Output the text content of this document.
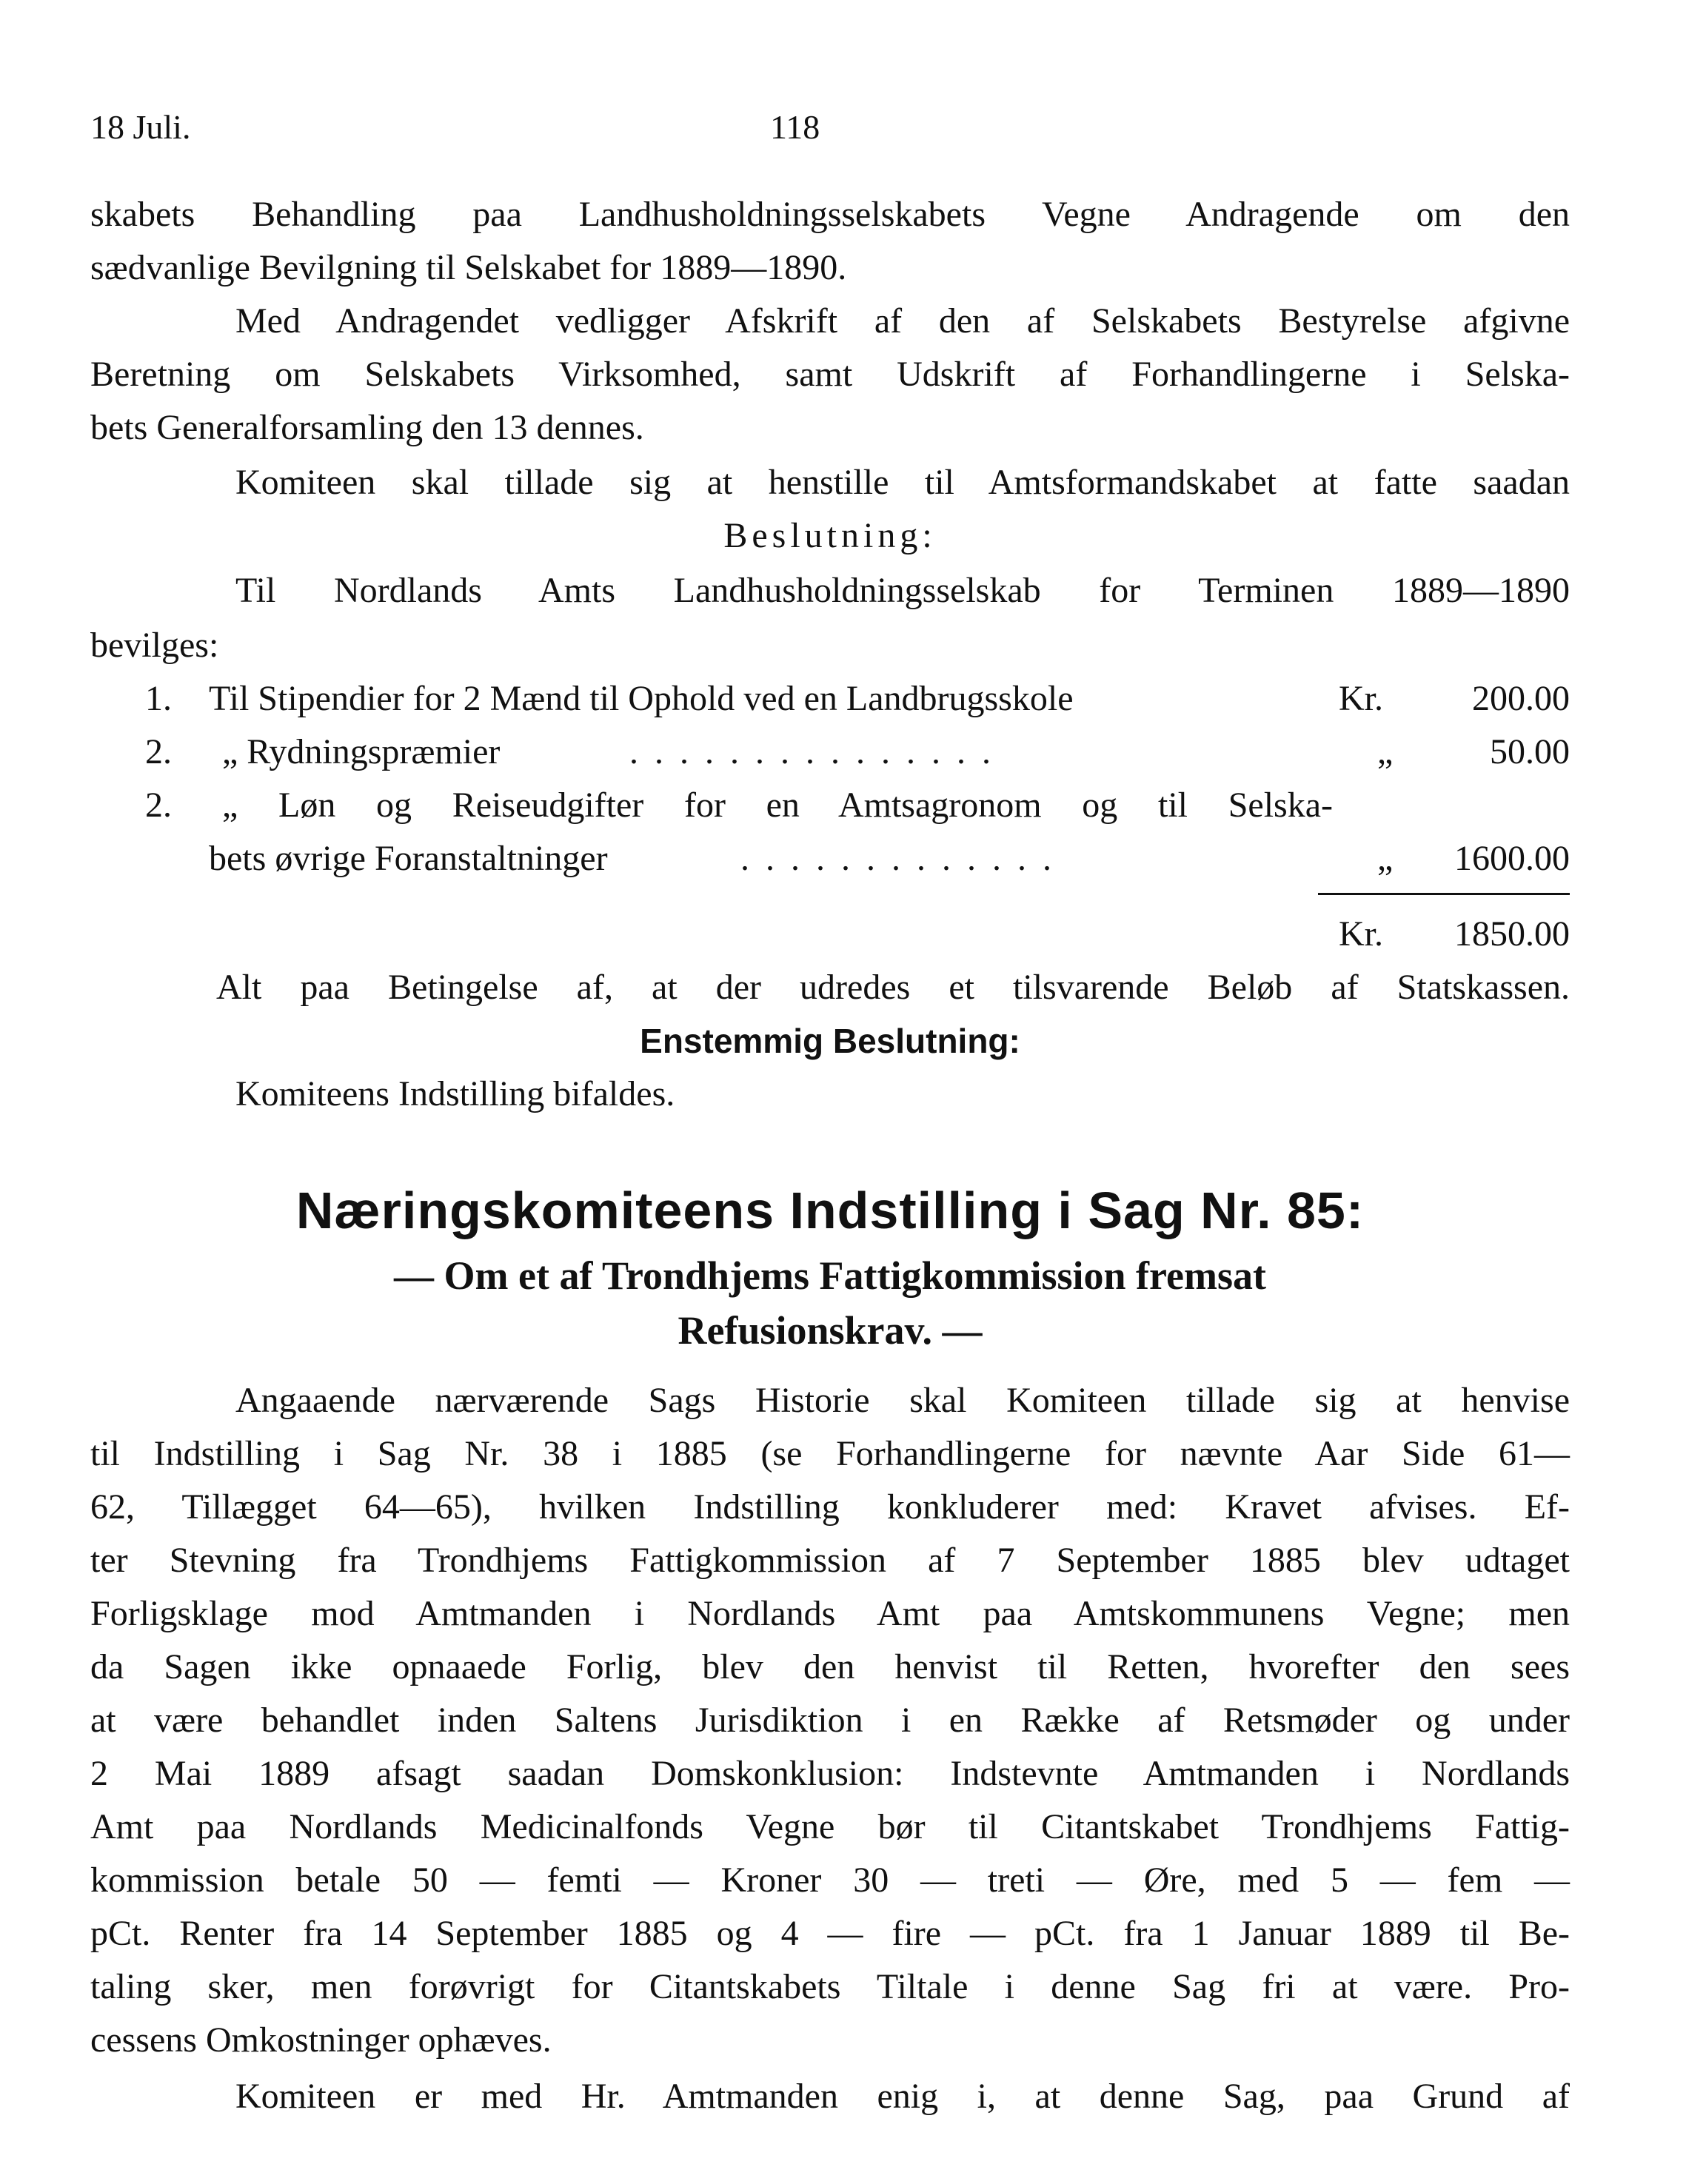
18 Juli.	118
skabets Behandling paa Landhusholdningsselskabets Vegne Andragende om den
sædvanlige Bevilgning til Selskabet for 1889—1890.
Med Andragendet vedligger Afskrift af den af Selskabets Bestyrelse afgivne
Beretning om Selskabets Virksomhed, samt Udskrift af Forhandlingerne i Selska-
bets Generalforsamling den 13 dennes.
Komiteen skal tillade sig at henstille til Amtsformandskabet at fatte saadan
Beslutning:
Til Nordlands Amts Landhusholdningsselskab for Terminen 1889—1890
bevilges:
1. Til Stipendier for 2 Mænd til Ophold ved en Landbrugsskole	Kr.	200.00
2. „ Rydningspræmier	...............	„	50.00
2. „ Løn og Reiseudgifter for en Amtsagronom og til Selska-
bets øvrige Foranstaltninger	.............	„	1600.00
Kr.	1850.00
Alt paa Betingelse af, at der udredes et tilsvarende Beløb af Statskassen.
Enstemmig Beslutning:
Komiteens Indstilling bifaldes.
Næringskomiteens Indstilling i Sag Nr. 85:
— Om et af Trondhjems Fattigkommission fremsat
Refusionskrav. —
Angaaende nærværende Sags Historie skal Komiteen tillade sig at henvise
til Indstilling i Sag Nr. 38 i 1885 (se Forhandlingerne for nævnte Aar Side 61—
62, Tillægget 64—65), hvilken Indstilling konkluderer med: Kravet afvises. Ef-
ter Stevning fra Trondhjems Fattigkommission af 7 September 1885 blev udtaget
Forligsklage mod Amtmanden i Nordlands Amt paa Amtskommunens Vegne; men
da Sagen ikke opnaaede Forlig, blev den henvist til Retten, hvorefter den sees
at være behandlet inden Saltens Jurisdiktion i en Række af Retsmøder og under
2 Mai 1889 afsagt saadan Domskonklusion: Indstevnte Amtmanden i Nordlands
Amt paa Nordlands Medicinalfonds Vegne bør til Citantskabet Trondhjems Fattig-
kommission betale 50 — femti — Kroner 30 — treti — Øre, med 5 — fem —
pCt. Renter fra 14 September 1885 og 4 — fire — pCt. fra 1 Januar 1889 til Be-
taling sker, men forøvrigt for Citantskabets Tiltale i denne Sag fri at være. Pro-
cessens Omkostninger ophæves.
Komiteen er med Hr. Amtmanden enig i, at denne Sag, paa Grund af
